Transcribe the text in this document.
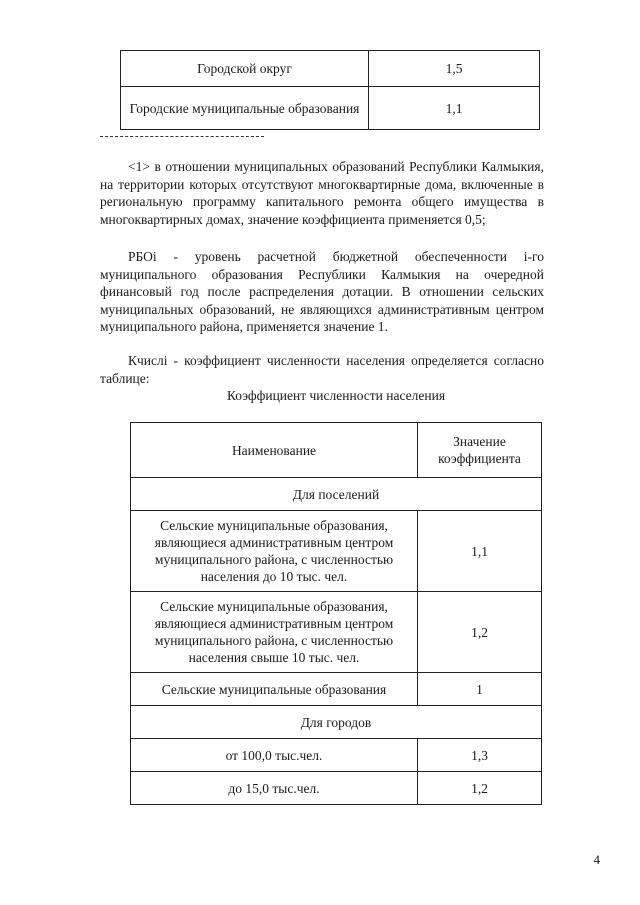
Городской округ	1,5
Городские муниципальные образования	1,1

<1> в отношении муниципальных образований Республики Калмыкия, на территории которых отсутствуют многоквартирные дома, включенные в региональную программу капитального ремонта общего имущества в многоквартирных домах, значение коэффициента применяется 0,5;

РБОi - уровень расчетной бюджетной обеспеченности i-го муниципального образования Республики Калмыкия на очередной финансовый год после распределения дотации. В отношении сельских муниципальных образований, не являющихся административным центром муниципального района, применяется значение 1.

Кчислi - коэффициент численности населения определяется согласно таблице:

Коэффициент численности населения
Наименование	Значение коэффициента
Для поселений	
Сельские муниципальные образования, являющиеся административным центром муниципального района, с численностью населения до 10 тыс. чел.	1,1
Сельские муниципальные образования, являющиеся административным центром муниципального района, с численностью населения свыше 10 тыс. чел.	1,2
Сельские муниципальные образования	1
Для городов	
от 100,0 тыс.чел.	1,3
до 15,0 тыс.чел.	1,2
4
